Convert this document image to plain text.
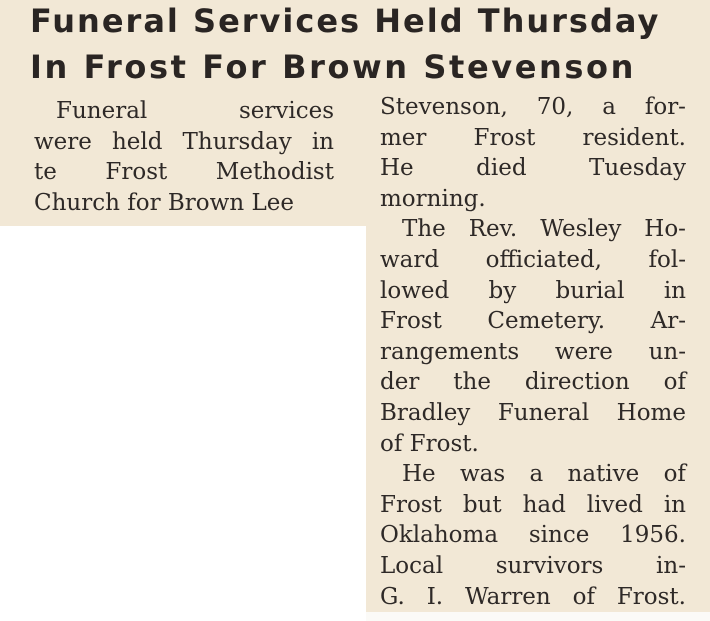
Funeral Services Held Thursday
In Frost For Brown Stevenson
Funeral	services
were held Thursday in
te Frost Methodist
Church for Brown Lee
Stevenson, 70, a for-
mer Frost resident.
He	died	Tuesday
morning.
The Rev. Wesley Ho-
ward officiated, fol-
lowed by burial in
Frost Cemetery. Ar-
rangements were un-
der the direction of
Bradley Funeral Home
of Frost.
He was a native of
Frost but had lived in
Oklahoma since 1956.
Local survivors in-
G. I. Warren of Frost.
